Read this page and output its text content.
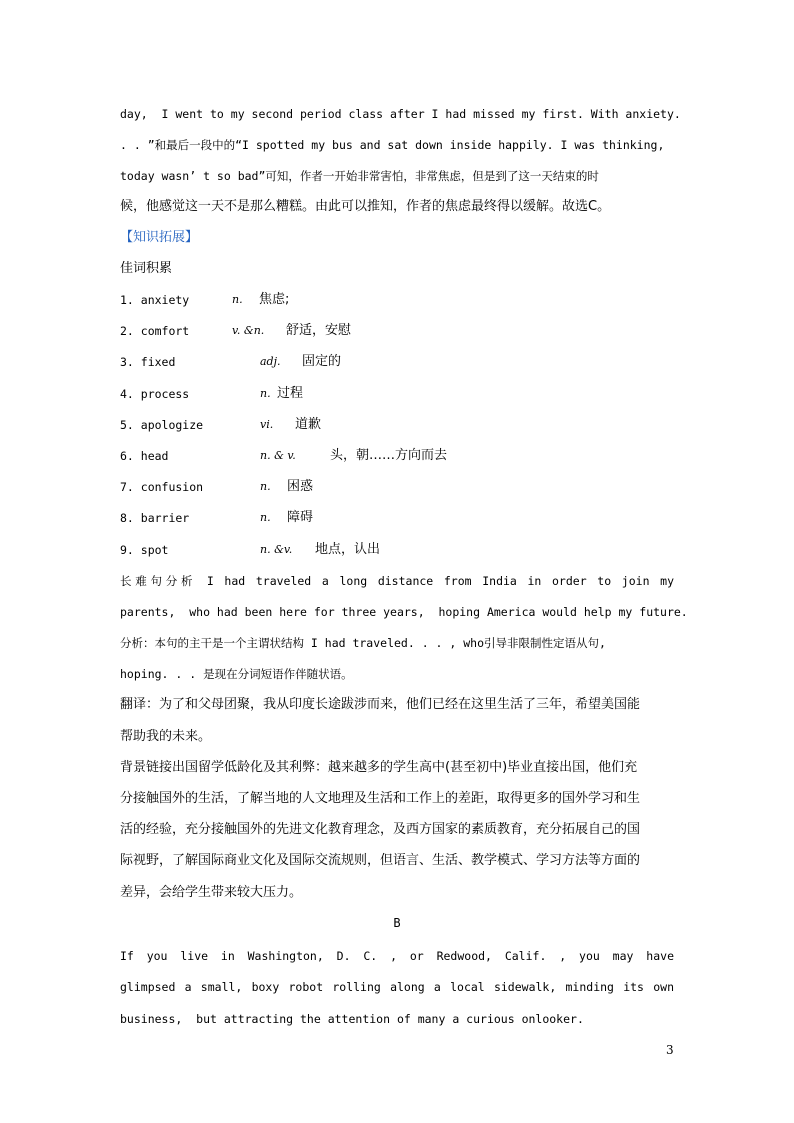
day,  I went to my second period class after I had missed my first. With anxiety.
. . ”和最后一段中的“I spotted my bus and sat down inside happily. I was thinking,
today wasn’ t so bad”可知，作者一开始非常害怕，非常焦虑，但是到了这一天结束的时
候，他感觉这一天不是那么糟糕。由此可以推知，作者的焦虑最终得以缓解。故选C。
【知识拓展】
佳词积累
1. anxiety	n. 焦虑;
2. comfort	v. &n. 舒适，安慰
3. fixed	adj. 固定的
4. process	n. 过程
5. apologize	vi. 道歉
6. head	n. & v.	头，朝……方向而去
7. confusion	n. 困惑
8. barrier	n. 障碍
9. spot	n. &v. 地点，认出
长难句分析 I had traveled a long distance from India in order to join my
parents,  who had been here for three years,  hoping America would help my future.
分析：本句的主干是一个主谓状结构 I had traveled. . . , who引导非限制性定语从句,
hoping. . . 是现在分词短语作伴随状语。
翻译：为了和父母团聚，我从印度长途跋涉而来，他们已经在这里生活了三年，希望美国能
帮助我的未来。
背景链接出国留学低龄化及其利弊：越来越多的学生高中(甚至初中)毕业直接出国，他们充
分接触国外的生活，了解当地的人文地理及生活和工作上的差距，取得更多的国外学习和生
活的经验，充分接触国外的先进文化教育理念，及西方国家的素质教育，充分拓展自己的国
际视野，了解国际商业文化及国际交流规则，但语言、生活、教学模式、学习方法等方面的
差异，会给学生带来较大压力。
B
If you live in Washington, D. C. , or Redwood, Calif. , you may have
glimpsed a small, boxy robot rolling along a local sidewalk, minding its own
business,  but attracting the attention of many a curious onlooker.
3
